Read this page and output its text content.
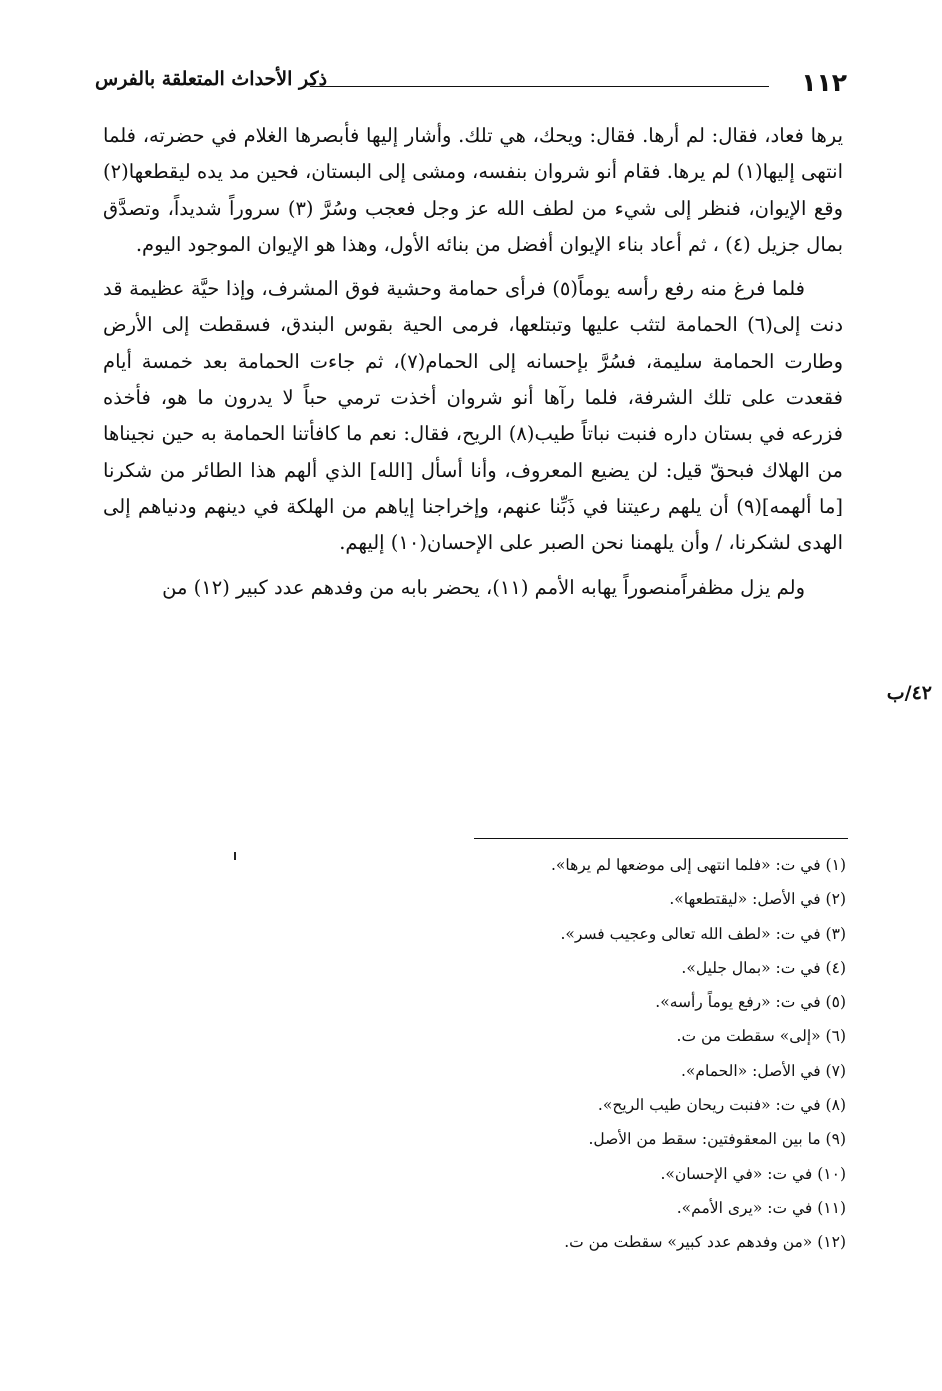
١١٢
ذكر الأحداث المتعلقة بالفرس

يرها فعاد، فقال: لم أرها. فقال: ويحك، هي تلك. وأشار إليها فأبصرها الغلام في حضرته، فلما انتهى إليها(١) لم يرها. فقام أنو شروان بنفسه، ومشى إلى البستان، فحين مد يده ليقطعها(٢) وقع الإيوان، فنظر إلى شيء من لطف الله عز وجل فعجب وسُرَّ (٣) سروراً شديداً، وتصدَّق بمال جزيل (٤) ، ثم أعاد بناء الإيوان أفضل من بنائه الأول، وهذا هو الإيوان الموجود اليوم.

فلما فرغ منه رفع رأسه يوماً(٥) فرأى حمامة وحشية فوق المشرف، وإذا حيَّة عظيمة قد دنت إلى(٦) الحمامة لتثب عليها وتبتلعها، فرمى الحية بقوس البندق، فسقطت إلى الأرض وطارت الحمامة سليمة، فسُرَّ بإحسانه إلى الحمام(٧)، ثم جاءت الحمامة بعد خمسة أيام فقعدت على تلك الشرفة، فلما رآها أنو شروان أخذت ترمي حباً لا يدرون ما هو، فأخذه فزرعه في بستان داره فنبت نباتاً طيب(٨) الريح، فقال: نعم ما كافأتنا الحمامة به حين نجيناها من الهلاك فبحقّ قيل: لن يضيع المعروف، وأنا أسأل [الله] الذي ألهم هذا الطائر من شكرنا [ما ألهمه](٩) أن يلهم رعيتنا في ذَبِّنا عنهم، وإخراجنا إياهم من الهلكة في دينهم ودنياهم إلى الهدى لشكرنا، / وأن يلهمنا نحن الصبر على الإحسان(١٠) إليهم.

ولم يزل مظفراًمنصوراً يهابه الأمم (١١)، يحضر بابه من وفدهم عدد كبير (١٢) من

٤٢/ب
(١) في ت: «فلما انتهى إلى موضعها لم يرها».
(٢) في الأصل: «ليقتطعها».
(٣) في ت: «لطف الله تعالى وعجيب فسر».
(٤) في ت: «بمال جليل».
(٥) في ت: «رفع يوماً رأسه».
(٦) «إلى» سقطت من ت.
(٧) في الأصل: «الحمام».
(٨) في ت: «فنبت ريحان طيب الريح».
(٩) ما بين المعقوفتين: سقط من الأصل.
(١٠) في ت: «في الإحسان».
(١١) في ت: «يرى الأمم».
(١٢) «من وفدهم عدد كبير» سقطت من ت.
